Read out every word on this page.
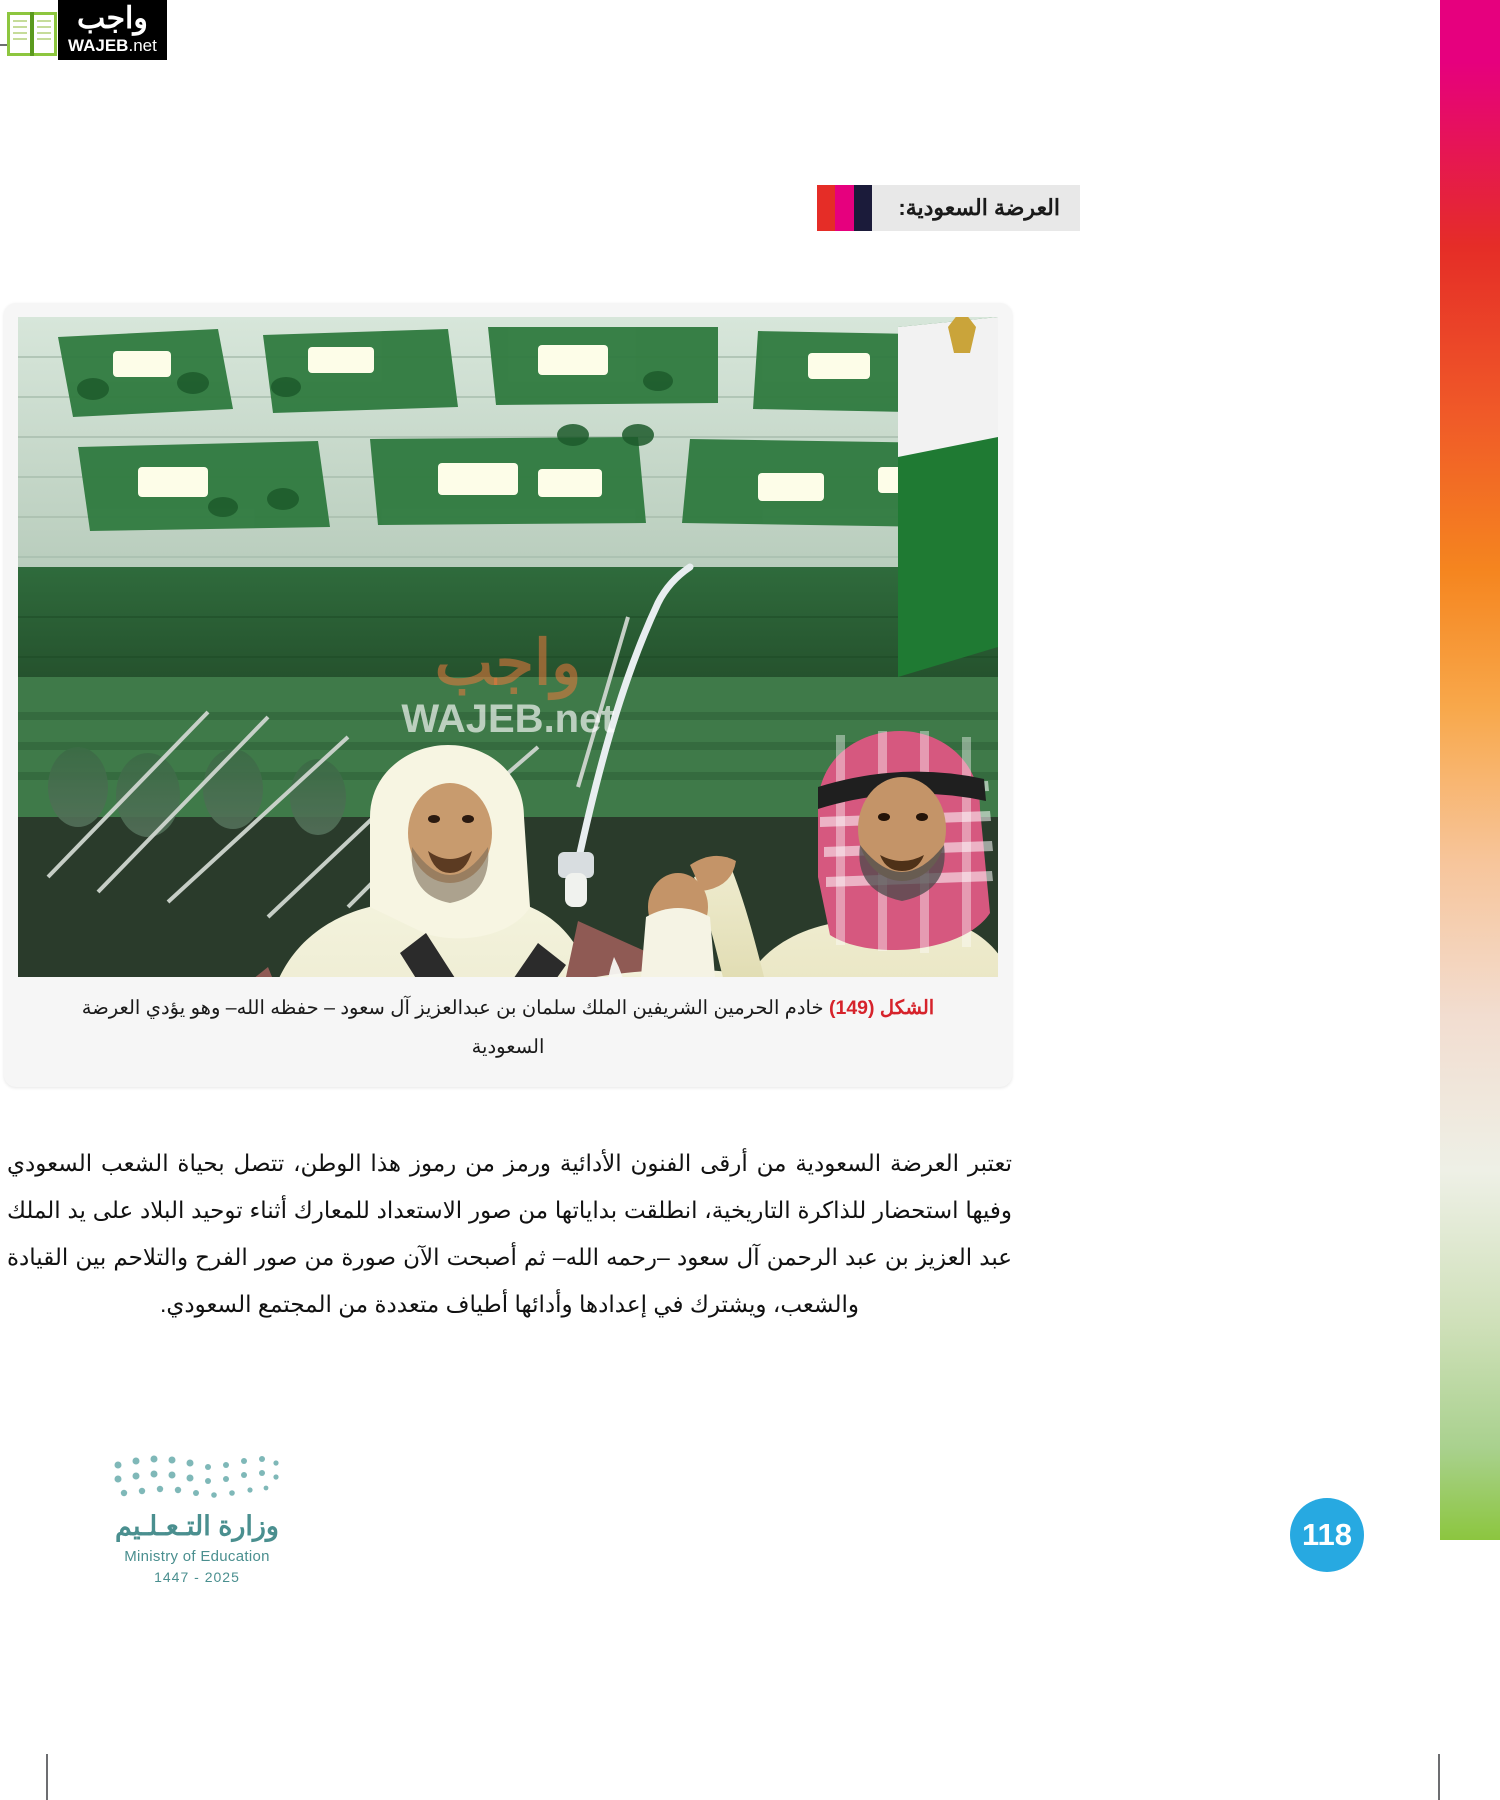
واجب
WAJEB.net
العرضة السعودية:
واجب
WAJEB.net
الشكل (149) خادم الحرمين الشريفين الملك سلمان بن عبدالعزيز آل سعود – حفظه الله– وهو يؤدي العرضة السعودية
تعتبر العرضة السعودية من أرقى الفنون الأدائية ورمز من رموز هذا الوطن، تتصل بحياة الشعب السعودي وفيها استحضار للذاكرة التاريخية، انطلقت بداياتها من صور الاستعداد للمعارك أثناء توحيد البلاد على يد الملك عبد العزيز بن عبد الرحمن آل سعود –رحمه الله– ثم أصبحت الآن صورة من صور الفرح والتلاحم بين القيادة والشعب، ويشترك في إعدادها وأدائها أطياف متعددة من المجتمع السعودي.
وزارة التـعـلـيم
Ministry of Education
2025 - 1447
118
